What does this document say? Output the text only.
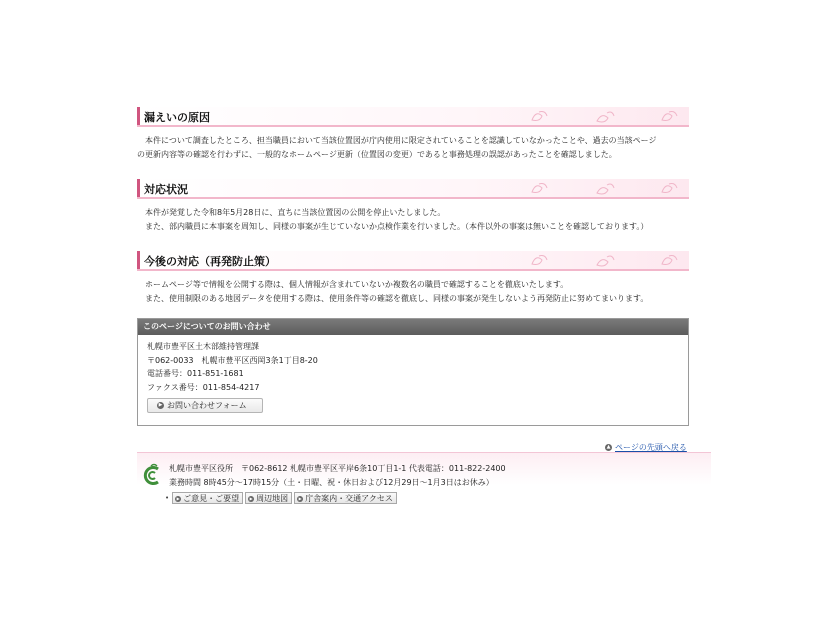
漏えいの原因

　本件について調査したところ、担当職員において当該位置図が庁内使用に限定されていることを認識していなかったことや、過去の当該ページ

の更新内容等の確認を行わずに、一般的なホームページ更新（位置図の変更）であると事務処理の誤認があったことを確認しました。

対応状況

　本件が発覚した令和8年5月28日に、直ちに当該位置図の公開を停止いたしました。

　また、部内職員に本事案を周知し、同様の事案が生じていないか点検作業を行いました。（本件以外の事案は無いことを確認しております。）

今後の対応（再発防止策）

　ホームページ等で情報を公開する際は、個人情報が含まれていないか複数名の職員で確認することを徹底いたします。

　また、使用制限のある地図データを使用する際は、使用条件等の確認を徹底し、同様の事案が発生しないよう再発防止に努めてまいります。

このページについてのお問い合わせ
札幌市豊平区土木部維持管理課
〒062-0033　札幌市豊平区西岡3条1丁目8-20
電話番号：011-851-1681
ファクス番号：011-854-4217
▶ お問い合わせフォーム
▲ ページの先頭へ戻る
札幌市豊平区役所　〒062-8612 札幌市豊平区平岸6条10丁目1-1 代表電話：011-822-2400
業務時間 8時45分～17時15分（土・日曜、祝・休日および12月29日～1月3日はお休み）
•	▶ ご意見・ご要望	▶ 周辺地図	▶ 庁舎案内・交通アクセス
